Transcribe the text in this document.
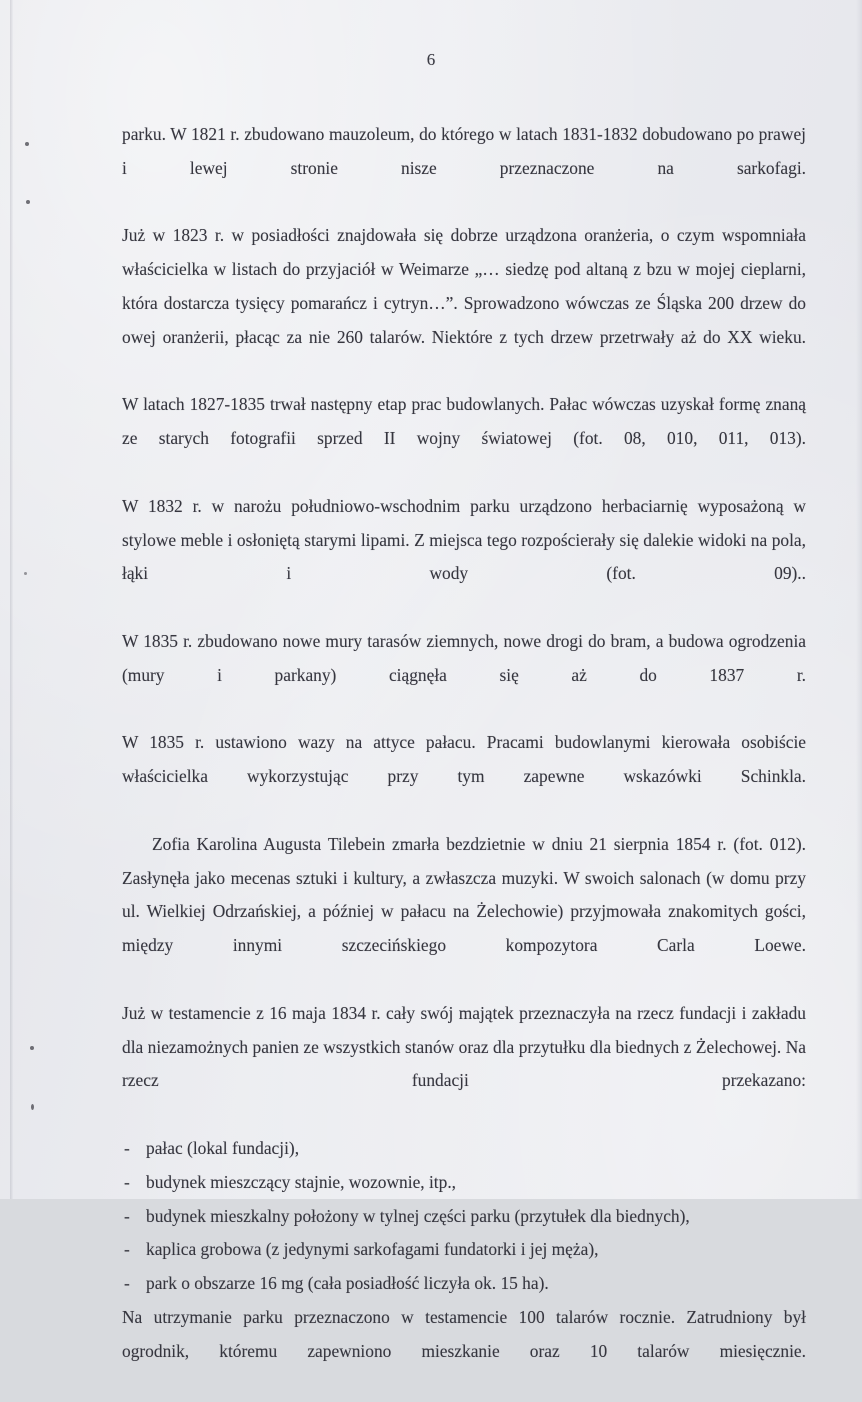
6

parku. W 1821 r. zbudowano mauzoleum, do którego w latach 1831-1832 dobudowano po prawej i lewej stronie nisze przeznaczone na sarkofagi.

Już w 1823 r. w posiadłości znajdowała się dobrze urządzona oranżeria, o czym wspomniała właścicielka w listach do przyjaciół w Weimarze „… siedzę pod altaną z bzu w mojej cieplarni, która dostarcza tysięcy pomarańcz i cytryn…”. Sprowadzono wówczas ze Śląska 200 drzew do owej oranżerii, płacąc za nie 260 talarów. Niektóre z tych drzew przetrwały aż do XX wieku.

W latach 1827-1835 trwał następny etap prac budowlanych. Pałac wówczas uzyskał formę znaną ze starych fotografii sprzed II wojny światowej (fot. 08, 010, 011, 013).

W 1832 r. w narożu południowo-wschodnim parku urządzono herbaciarnię wyposażoną w stylowe meble i osłoniętą starymi lipami. Z miejsca tego rozpościerały się dalekie widoki na pola, łąki i wody (fot. 09)..

W 1835 r. zbudowano nowe mury tarasów ziemnych, nowe drogi do bram, a budowa ogrodzenia (mury i parkany) ciągnęła się aż do 1837 r.

W 1835 r. ustawiono wazy na attyce pałacu. Pracami budowlanymi kierowała osobiście właścicielka wykorzystując przy tym zapewne wskazówki Schinkla.

Zofia Karolina Augusta Tilebein zmarła bezdzietnie w dniu 21 sierpnia 1854 r. (fot. 012). Zasłynęła jako mecenas sztuki i kultury, a zwłaszcza muzyki. W swoich salonach (w domu przy ul. Wielkiej Odrzańskiej, a później w pałacu na Żelechowie) przyjmowała znakomitych gości, między innymi szczecińskiego kompozytora Carla Loewe.

Już w testamencie z 16 maja 1834 r. cały swój majątek przeznaczyła na rzecz fundacji i zakładu dla niezamożnych panien ze wszystkich stanów oraz dla przytułku dla biednych z Żelechowej. Na rzecz fundacji przekazano:

- pałac (lokal fundacji),
- budynek mieszczący stajnie, wozownie, itp.,
- budynek mieszkalny położony w tylnej części parku (przytułek dla biednych),
- kaplica grobowa (z jedynymi sarkofagami fundatorki i jej męża),
- park o obszarze 16 mg (cała posiadłość liczyła ok. 15 ha).

Na utrzymanie parku przeznaczono w testamencie 100 talarów rocznie. Zatrudniony był ogrodnik, któremu zapewniono mieszkanie oraz 10 talarów miesięcznie.
